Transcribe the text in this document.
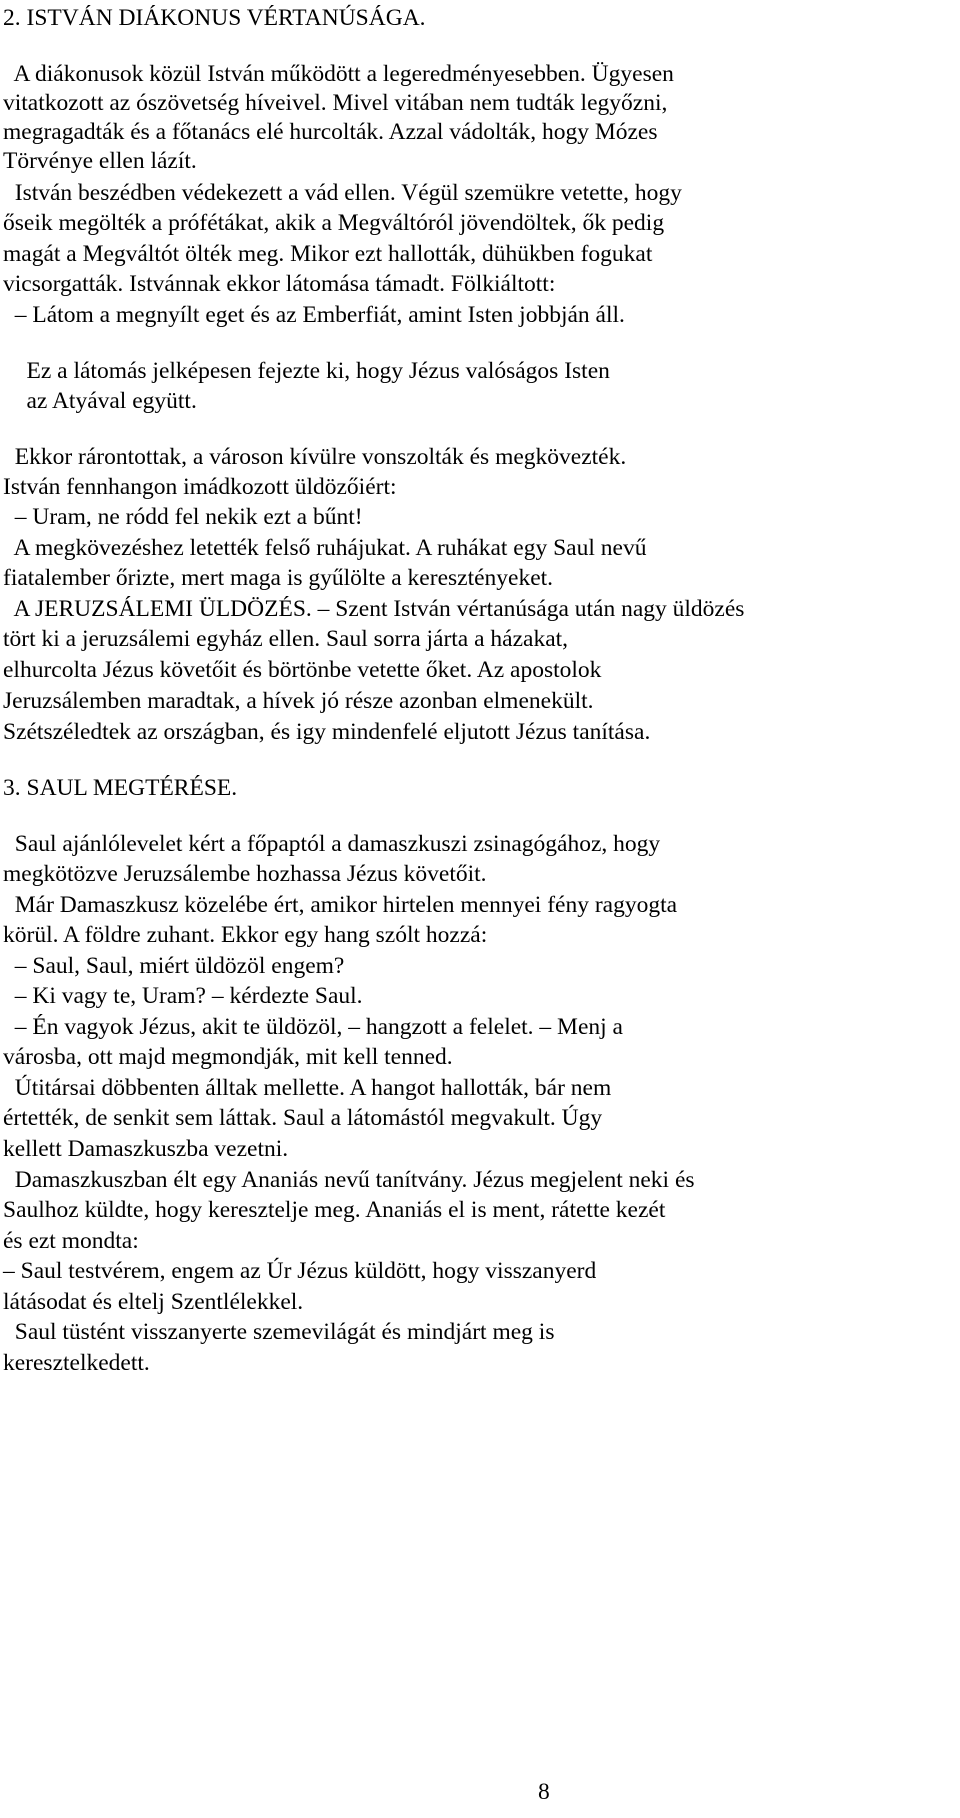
2. ISTVÁN DIÁKONUS VÉRTANÚSÁGA.

A diákonusok közül István működött a legeredményesebben. Ügyesen

vitatkozott az ószövetség híveivel. Mivel vitában nem tudták legyőzni,

megragadták és a főtanács elé hurcolták. Azzal vádolták, hogy Mózes

Törvénye ellen lázít.

István beszédben védekezett a vád ellen. Végül szemükre vetette, hogy

őseik megölték a prófétákat, akik a Megváltóról jövendöltek, ők pedig

magát a Megváltót ölték meg. Mikor ezt hallották, dühükben fogukat

vicsorgatták. Istvánnak ekkor látomása támadt. Fölkiáltott:

– Látom a megnyílt eget és az Emberfiát, amint Isten jobbján áll.

Ez a látomás jelképesen fejezte ki, hogy Jézus valóságos Isten

az Atyával együtt.

Ekkor rárontottak, a városon kívülre vonszolták és megkövezték.

István fennhangon imádkozott üldözőiért:

– Uram, ne ródd fel nekik ezt a bűnt!

A megkövezéshez letették felső ruhájukat. A ruhákat egy Saul nevű

fiatalember őrizte, mert maga is gyűlölte a keresztényeket.

A JERUZSÁLEMI ÜLDÖZÉS. – Szent István vértanúsága után nagy üldözés

tört ki a jeruzsálemi egyház ellen. Saul sorra járta a házakat,

elhurcolta Jézus követőit és börtönbe vetette őket. Az apostolok

Jeruzsálemben maradtak, a hívek jó része azonban elmenekült.

Szétszéledtek az országban, és igy mindenfelé eljutott Jézus tanítása.

3. SAUL MEGTÉRÉSE.

Saul ajánlólevelet kért a főpaptól a damaszkuszi zsinagógához, hogy

megkötözve Jeruzsálembe hozhassa Jézus követőit.

Már Damaszkusz közelébe ért, amikor hirtelen mennyei fény ragyogta

körül. A földre zuhant. Ekkor egy hang szólt hozzá:

– Saul, Saul, miért üldözöl engem?

– Ki vagy te, Uram? – kérdezte Saul.

– Én vagyok Jézus, akit te üldözöl, – hangzott a felelet. – Menj a

városba, ott majd megmondják, mit kell tenned.

Útitársai döbbenten álltak mellette. A hangot hallották, bár nem

értették, de senkit sem láttak. Saul a látomástól megvakult. Úgy

kellett Damaszkuszba vezetni.

Damaszkuszban élt egy Ananiás nevű tanítvány. Jézus megjelent neki és

Saulhoz küldte, hogy keresztelje meg. Ananiás el is ment, rátette kezét

és ezt mondta:

– Saul testvérem, engem az Úr Jézus küldött, hogy visszanyerd

látásodat és eltelj Szentlélekkel.

Saul tüstént visszanyerte szemevilágát és mindjárt meg is

keresztelkedett.

8
